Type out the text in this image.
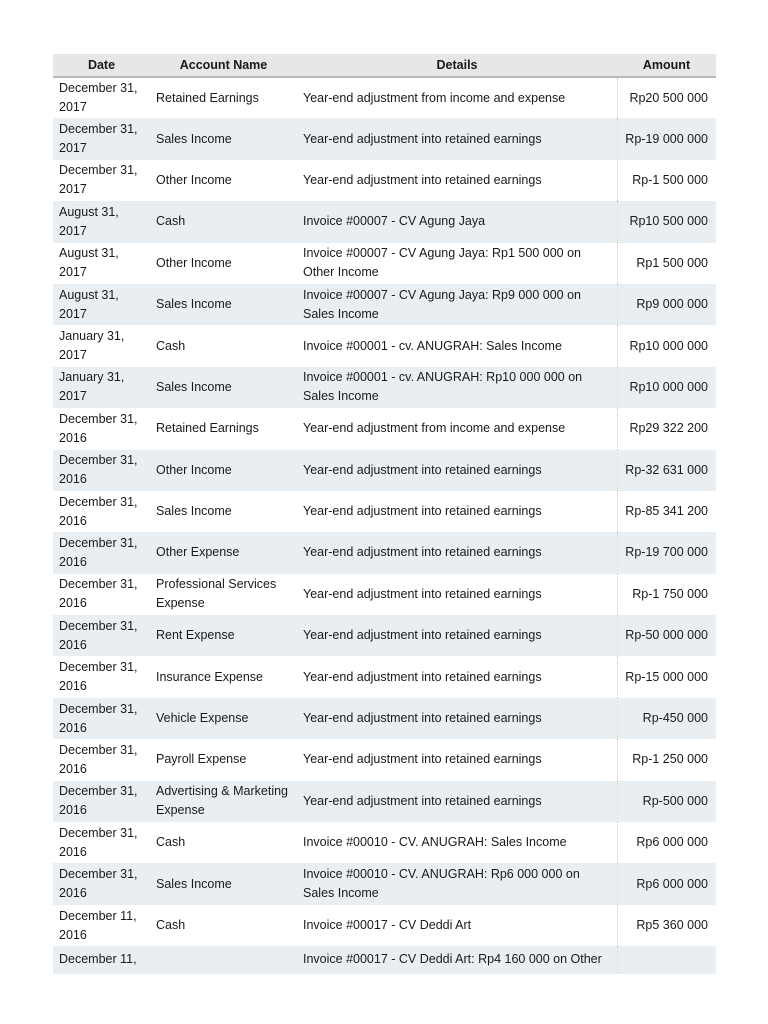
Date	Account Name	Details	Amount
December 31, 2017	Retained Earnings	Year-end adjustment from income and expense	Rp20 500 000
December 31, 2017	Sales Income	Year-end adjustment into retained earnings	Rp-19 000 000
December 31, 2017	Other Income	Year-end adjustment into retained earnings	Rp-1 500 000
August 31, 2017	Cash	Invoice #00007 - CV Agung Jaya	Rp10 500 000
August 31, 2017	Other Income	Invoice #00007 - CV Agung Jaya: Rp1 500 000 on Other Income	Rp1 500 000
August 31, 2017	Sales Income	Invoice #00007 - CV Agung Jaya: Rp9 000 000 on Sales Income	Rp9 000 000
January 31, 2017	Cash	Invoice #00001 - cv. ANUGRAH: Sales Income	Rp10 000 000
January 31, 2017	Sales Income	Invoice #00001 - cv. ANUGRAH: Rp10 000 000 on Sales Income	Rp10 000 000
December 31, 2016	Retained Earnings	Year-end adjustment from income and expense	Rp29 322 200
December 31, 2016	Other Income	Year-end adjustment into retained earnings	Rp-32 631 000
December 31, 2016	Sales Income	Year-end adjustment into retained earnings	Rp-85 341 200
December 31, 2016	Other Expense	Year-end adjustment into retained earnings	Rp-19 700 000
December 31, 2016	Professional Services Expense	Year-end adjustment into retained earnings	Rp-1 750 000
December 31, 2016	Rent Expense	Year-end adjustment into retained earnings	Rp-50 000 000
December 31, 2016	Insurance Expense	Year-end adjustment into retained earnings	Rp-15 000 000
December 31, 2016	Vehicle Expense	Year-end adjustment into retained earnings	Rp-450 000
December 31, 2016	Payroll Expense	Year-end adjustment into retained earnings	Rp-1 250 000
December 31, 2016	Advertising & Marketing Expense	Year-end adjustment into retained earnings	Rp-500 000
December 31, 2016	Cash	Invoice #00010 - CV. ANUGRAH: Sales Income	Rp6 000 000
December 31, 2016	Sales Income	Invoice #00010 - CV. ANUGRAH: Rp6 000 000 on Sales Income	Rp6 000 000
December 11, 2016	Cash	Invoice #00017 - CV Deddi Art	Rp5 360 000
December 11,		Invoice #00017 - CV Deddi Art: Rp4 160 000 on Other	
